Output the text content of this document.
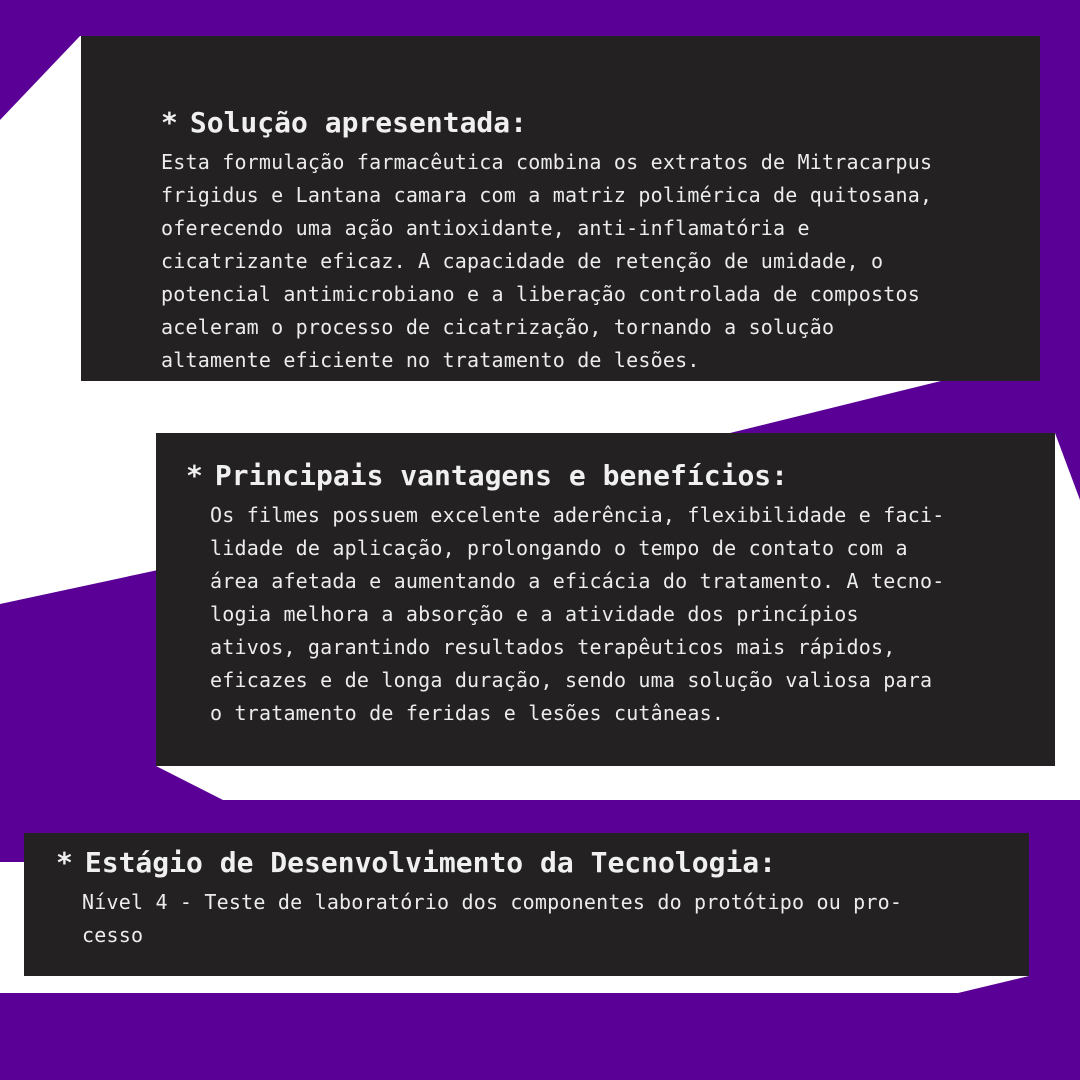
* Solução apresentada:

Esta formulação farmacêutica combina os extratos de Mitracarpus
frigidus e Lantana camara com a matriz polimérica de quitosana,
oferecendo uma ação antioxidante, anti-inflamatória e
cicatrizante eficaz. A capacidade de retenção de umidade, o
potencial antimicrobiano e a liberação controlada de compostos
aceleram o processo de cicatrização, tornando a solução
altamente eficiente no tratamento de lesões.

* Principais vantagens e benefícios:

Os filmes possuem excelente aderência, flexibilidade e faci-
lidade de aplicação, prolongando o tempo de contato com a
área afetada e aumentando a eficácia do tratamento. A tecno-
logia melhora a absorção e a atividade dos princípios
ativos, garantindo resultados terapêuticos mais rápidos,
eficazes e de longa duração, sendo uma solução valiosa para
o tratamento de feridas e lesões cutâneas.

* Estágio de Desenvolvimento da Tecnologia:

Nível 4 - Teste de laboratório dos componentes do protótipo ou pro-
cesso
